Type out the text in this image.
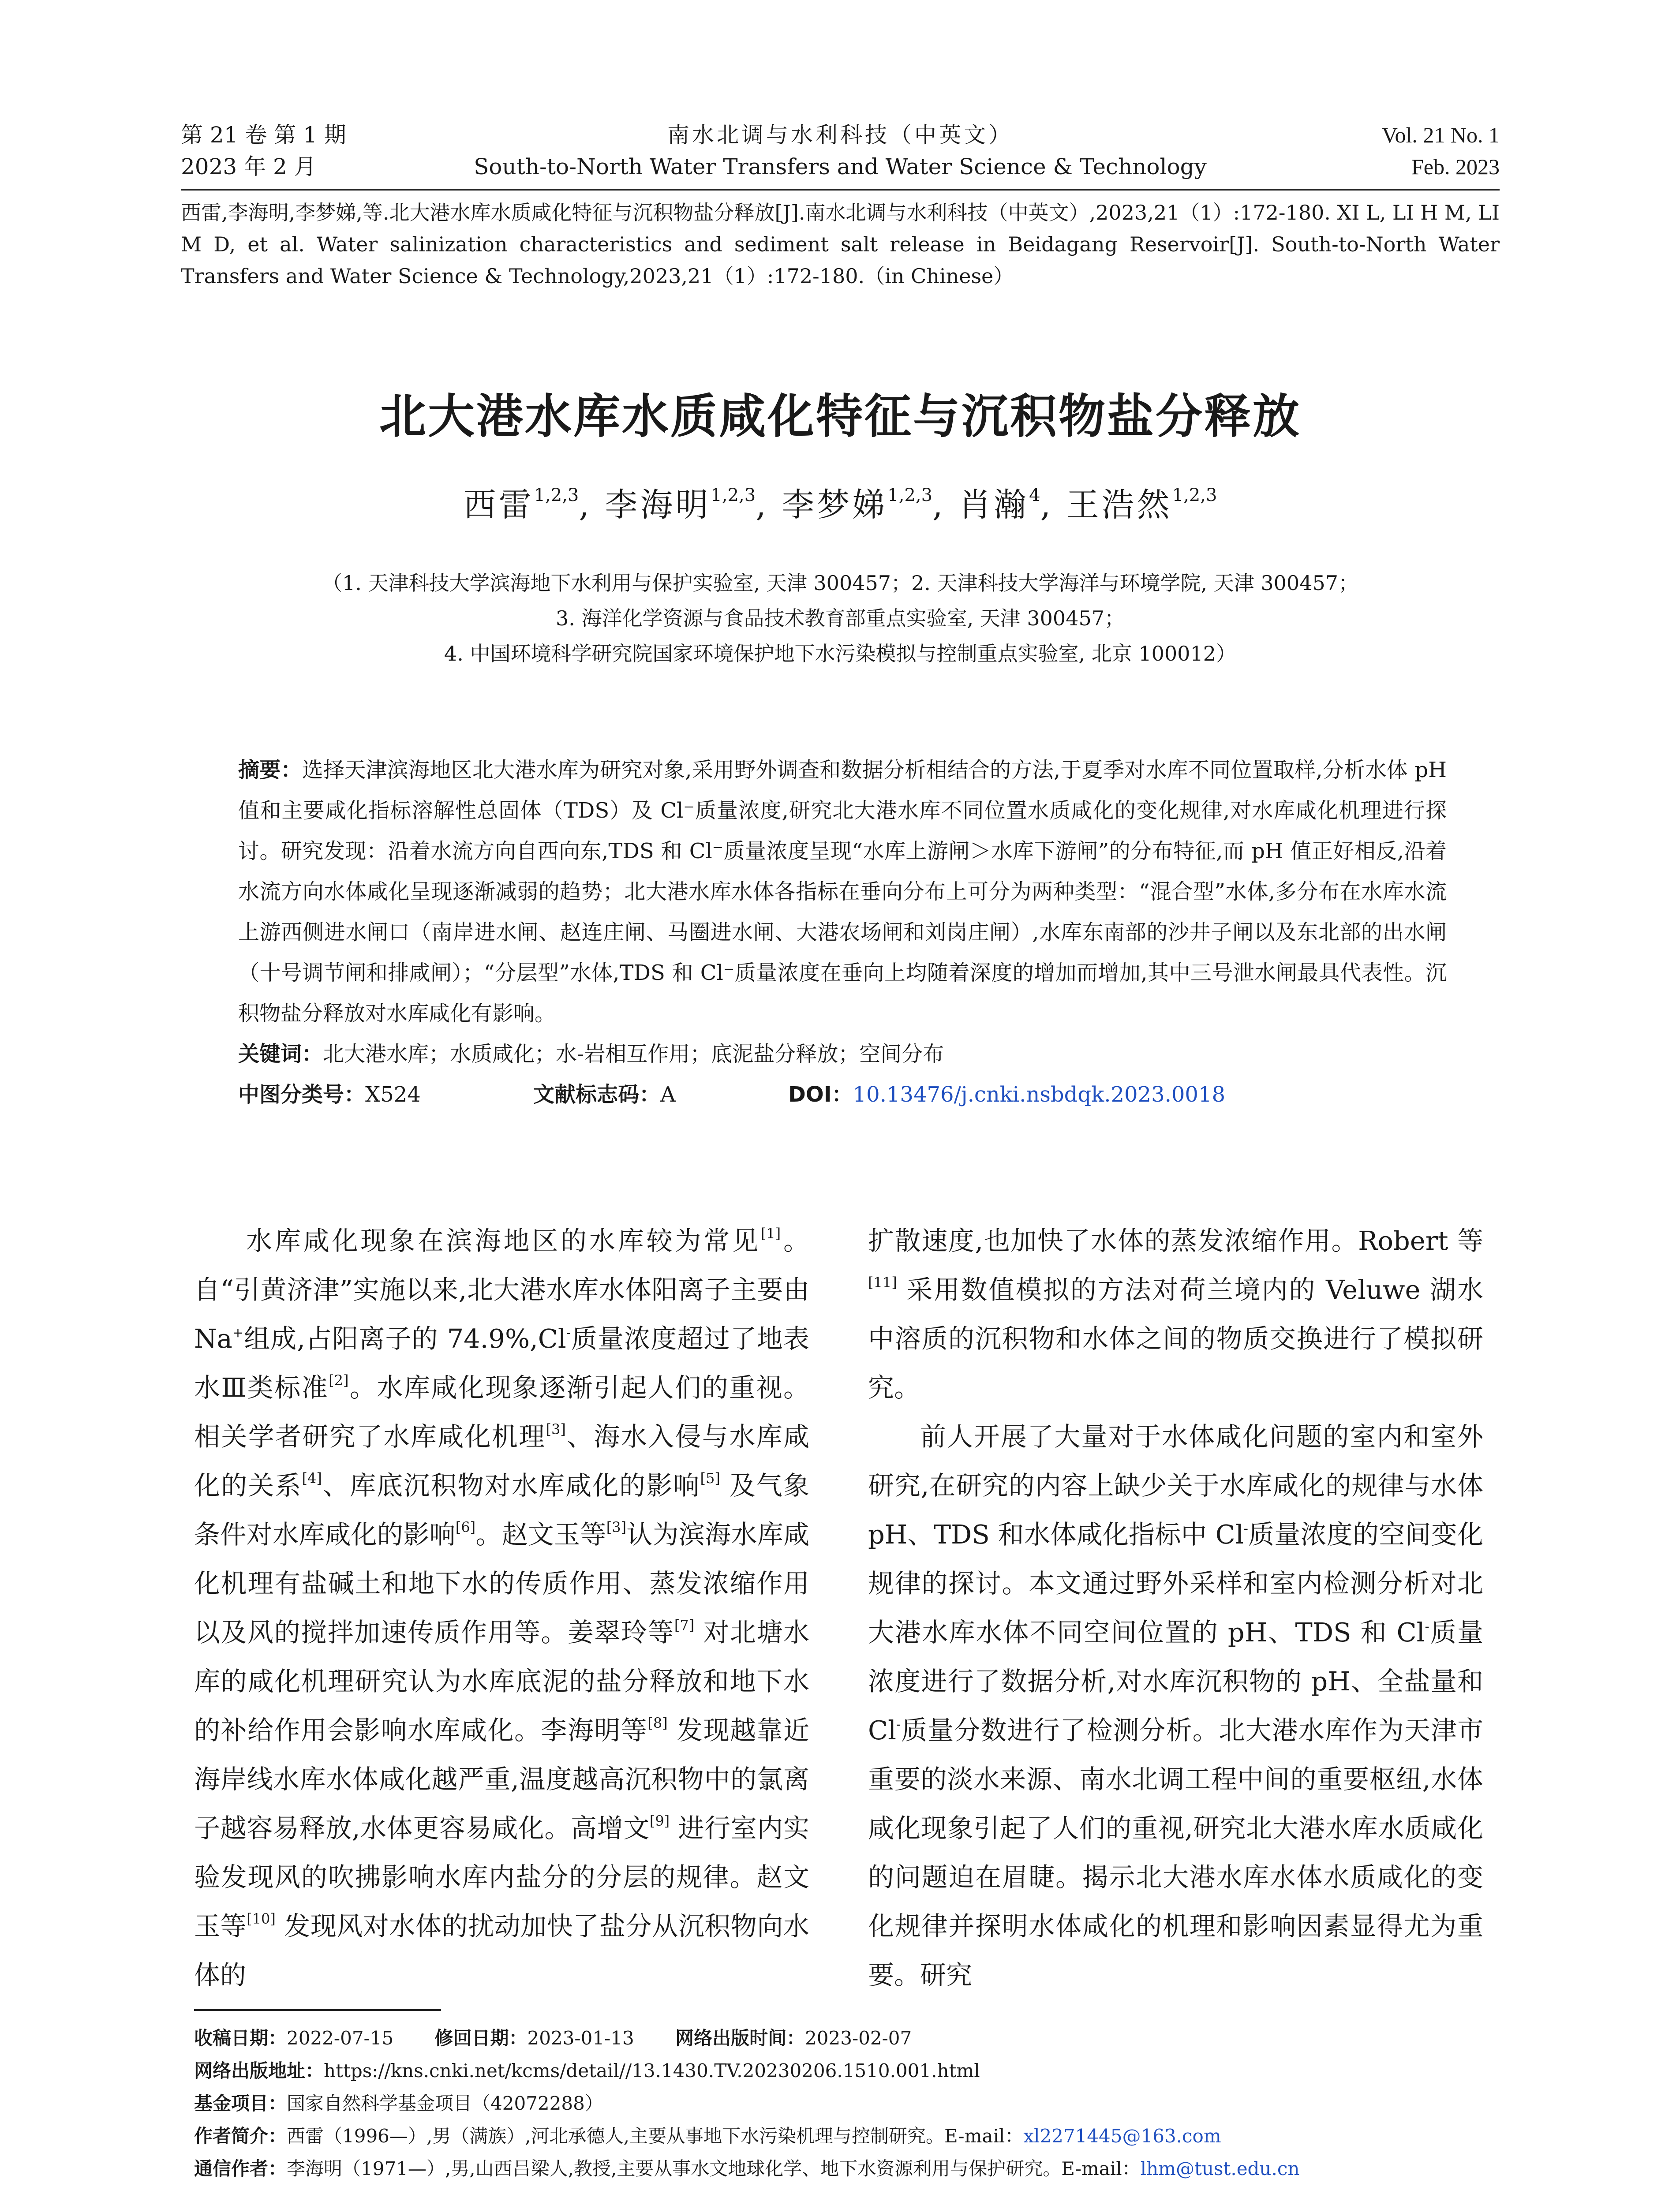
第 21 卷 第 1 期
2023 年 2 月
南水北调与水利科技（中英文）
South-to-North Water Transfers and Water Science & Technology
Vol. 21 No. 1
Feb. 2023
西雷,李海明,李梦娣,等.北大港水库水质咸化特征与沉积物盐分释放[J].南水北调与水利科技（中英文）,2023,21（1）:172-180. XI L, LI H M, LI M D, et al. Water salinization characteristics and sediment salt release in Beidagang Reservoir[J]. South-to-North Water Transfers and Water Science & Technology,2023,21（1）:172-180.（in Chinese）
北大港水库水质咸化特征与沉积物盐分释放
西雷$^{1,2,3}$, 李海明$^{1,2,3}$, 李梦娣$^{1,2,3}$, 肖瀚$^4$, 王浩然$^{1,2,3}$
（1. 天津科技大学滨海地下水利用与保护实验室, 天津 300457；2. 天津科技大学海洋与环境学院, 天津 300457；
3. 海洋化学资源与食品技术教育部重点实验室, 天津 300457；
4. 中国环境科学研究院国家环境保护地下水污染模拟与控制重点实验室, 北京 100012）
摘要：选择天津滨海地区北大港水库为研究对象,采用野外调查和数据分析相结合的方法,于夏季对水库不同位置取样,分析水体 pH 值和主要咸化指标溶解性总固体（TDS）及 Cl⁻质量浓度,研究北大港水库不同位置水质咸化的变化规律,对水库咸化机理进行探讨。研究发现：沿着水流方向自西向东,TDS 和 Cl⁻质量浓度呈现“水库上游闸＞水库下游闸”的分布特征,而 pH 值正好相反,沿着水流方向水体咸化呈现逐渐减弱的趋势；北大港水库水体各指标在垂向分布上可分为两种类型：“混合型”水体,多分布在水库水流上游西侧进水闸口（南岸进水闸、赵连庄闸、马圈进水闸、大港农场闸和刘岗庄闸）,水库东南部的沙井子闸以及东北部的出水闸（十号调节闸和排咸闸）；“分层型”水体,TDS 和 Cl⁻质量浓度在垂向上均随着深度的增加而增加,其中三号泄水闸最具代表性。沉积物盐分释放对水库咸化有影响。
关键词：北大港水库；水质咸化；水-岩相互作用；底泥盐分释放；空间分布
中图分类号：X524	文献标志码：A	DOI：10.13476/j.cnki.nsbdqk.2023.0018

水库咸化现象在滨海地区的水库较为常见[1]。自“引黄济津”实施以来,北大港水库水体阳离子主要由 Na+组成,占阳离子的 74.9%,Cl-质量浓度超过了地表水Ⅲ类标准[2]。水库咸化现象逐渐引起人们的重视。相关学者研究了水库咸化机理[3]、海水入侵与水库咸化的关系[4]、库底沉积物对水库咸化的影响[5] 及气象条件对水库咸化的影响[6]。赵文玉等[3]认为滨海水库咸化机理有盐碱土和地下水的传质作用、蒸发浓缩作用以及风的搅拌加速传质作用等。姜翠玲等[7] 对北塘水库的咸化机理研究认为水库底泥的盐分释放和地下水的补给作用会影响水库咸化。李海明等[8] 发现越靠近海岸线水库水体咸化越严重,温度越高沉积物中的氯离子越容易释放,水体更容易咸化。高增文[9] 进行室内实验发现风的吹拂影响水库内盐分的分层的规律。赵文玉等[10] 发现风对水体的扰动加快了盐分从沉积物向水体的

扩散速度,也加快了水体的蒸发浓缩作用。Robert 等 [11] 采用数值模拟的方法对荷兰境内的 Veluwe 湖水中溶质的沉积物和水体之间的物质交换进行了模拟研究。

前人开展了大量对于水体咸化问题的室内和室外研究,在研究的内容上缺少关于水库咸化的规律与水体 pH、TDS 和水体咸化指标中 Cl-质量浓度的空间变化规律的探讨。本文通过野外采样和室内检测分析对北大港水库水体不同空间位置的 pH、TDS 和 Cl-质量浓度进行了数据分析,对水库沉积物的 pH、全盐量和 Cl-质量分数进行了检测分析。北大港水库作为天津市重要的淡水来源、南水北调工程中间的重要枢纽,水体咸化现象引起了人们的重视,研究北大港水库水质咸化的问题迫在眉睫。揭示北大港水库水体水质咸化的变化规律并探明水体咸化的机理和影响因素显得尤为重要。研究

收稿日期：2022-07-15 修回日期：2023-01-13 网络出版时间：2023-02-07
网络出版地址：https://kns.cnki.net/kcms/detail//13.1430.TV.20230206.1510.001.html
基金项目：国家自然科学基金项目（42072288）
作者简介：西雷（1996—）,男（满族）,河北承德人,主要从事地下水污染机理与控制研究。E-mail：xl2271445@163.com
通信作者：李海明（1971—）,男,山西吕梁人,教授,主要从事水文地球化学、地下水资源利用与保护研究。E-mail：lhm@tust.edu.cn
